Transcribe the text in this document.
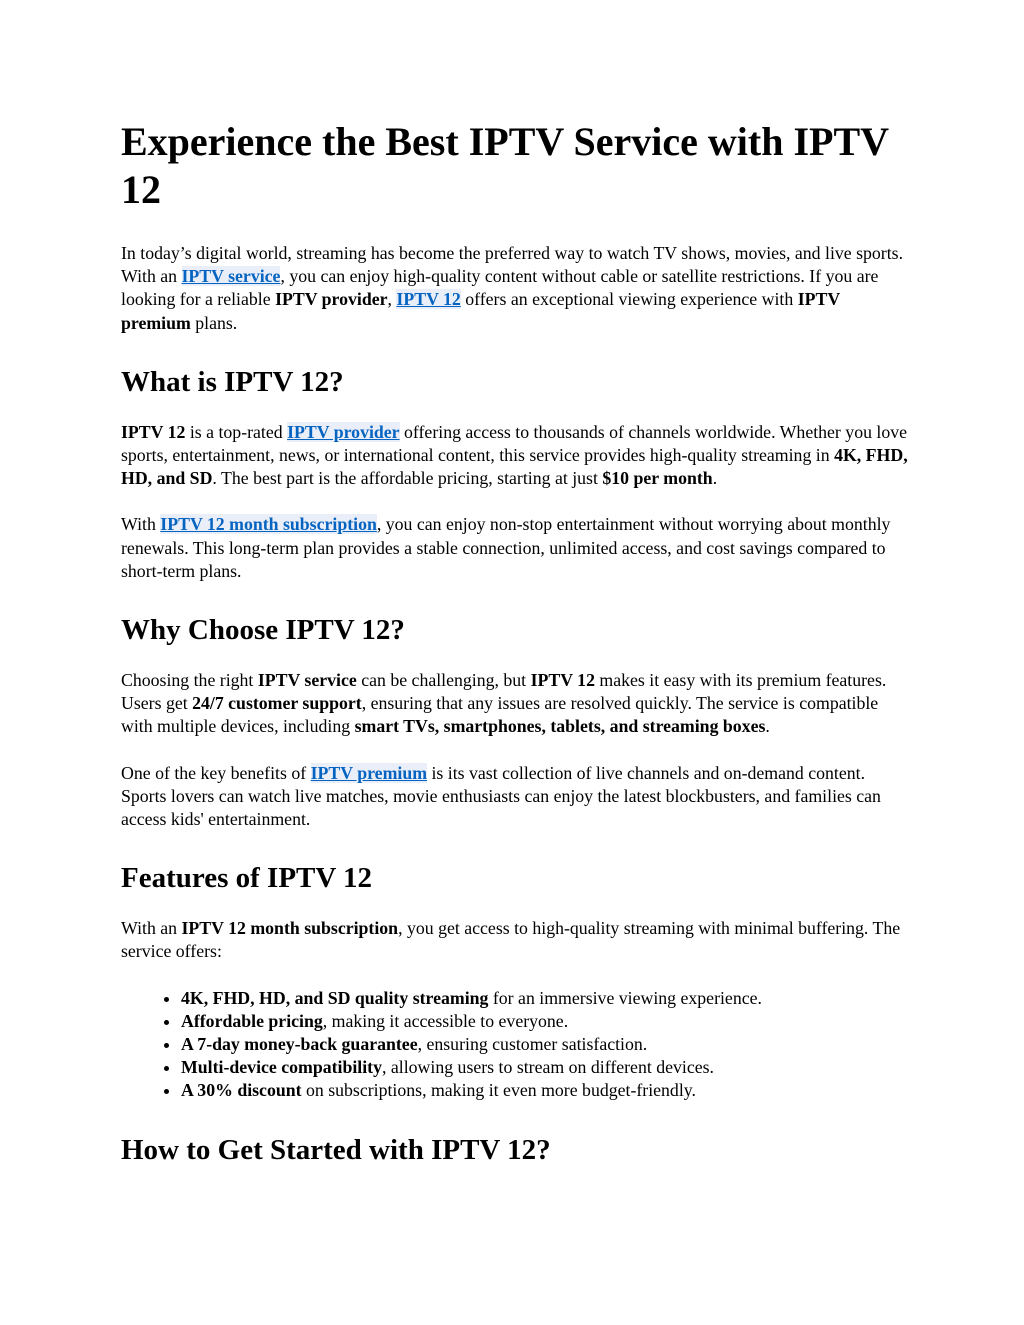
Experience the Best IPTV Service with IPTV 12

In today’s digital world, streaming has become the preferred way to watch TV shows, movies, and live sports. With an IPTV service, you can enjoy high-quality content without cable or satellite restrictions. If you are looking for a reliable IPTV provider, IPTV 12 offers an exceptional viewing experience with IPTV premium plans.

What is IPTV 12?

IPTV 12 is a top-rated IPTV provider offering access to thousands of channels worldwide. Whether you love sports, entertainment, news, or international content, this service provides high-quality streaming in 4K, FHD, HD, and SD. The best part is the affordable pricing, starting at just $10 per month.

With IPTV 12 month subscription, you can enjoy non-stop entertainment without worrying about monthly renewals. This long-term plan provides a stable connection, unlimited access, and cost savings compared to short-term plans.

Why Choose IPTV 12?

Choosing the right IPTV service can be challenging, but IPTV 12 makes it easy with its premium features. Users get 24/7 customer support, ensuring that any issues are resolved quickly. The service is compatible with multiple devices, including smart TVs, smartphones, tablets, and streaming boxes.

One of the key benefits of IPTV premium is its vast collection of live channels and on-demand content. Sports lovers can watch live matches, movie enthusiasts can enjoy the latest blockbusters, and families can access kids' entertainment.

Features of IPTV 12

With an IPTV 12 month subscription, you get access to high-quality streaming with minimal buffering. The service offers:

• 4K, FHD, HD, and SD quality streaming for an immersive viewing experience.
• Affordable pricing, making it accessible to everyone.
• A 7-day money-back guarantee, ensuring customer satisfaction.
• Multi-device compatibility, allowing users to stream on different devices.
• A 30% discount on subscriptions, making it even more budget-friendly.
How to Get Started with IPTV 12?
